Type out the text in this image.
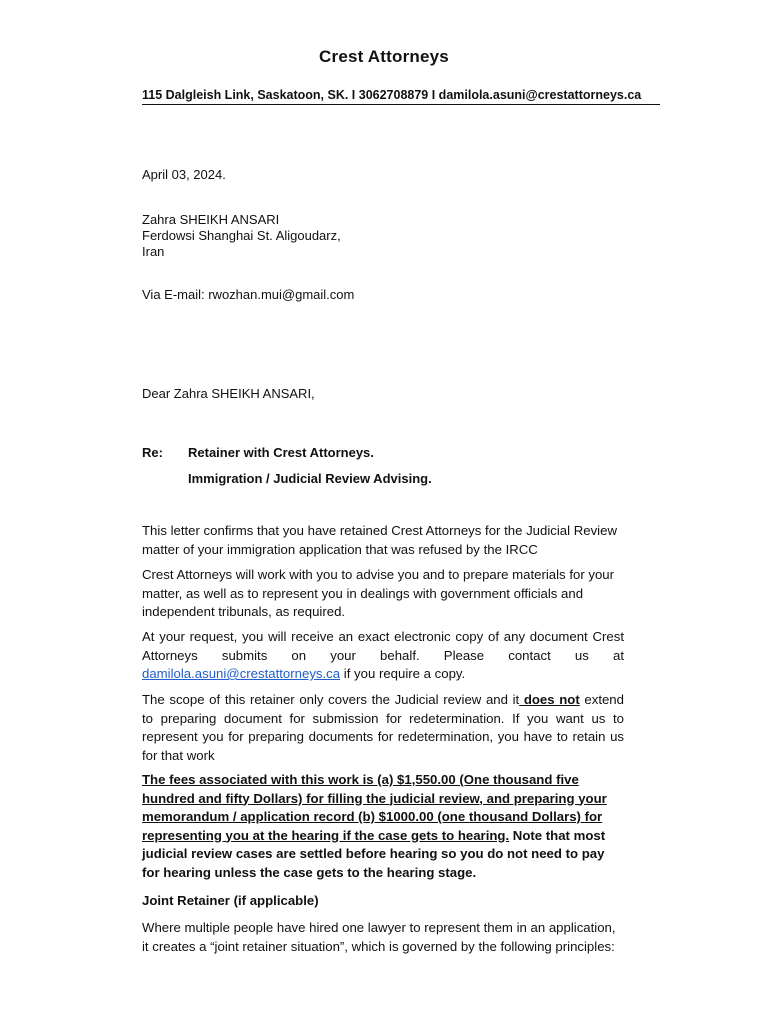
Crest Attorneys
115 Dalgleish Link, Saskatoon, SK. I 3062708879 I damilola.asuni@crestattorneys.ca
April 03, 2024.
Zahra SHEIKH ANSARI
Ferdowsi Shanghai St. Aligoudarz,
Iran
Via E-mail: rwozhan.mui@gmail.com
Dear Zahra SHEIKH ANSARI,
Re: Retainer with Crest Attorneys.
Immigration / Judicial Review Advising.
This letter confirms that you have retained Crest Attorneys for the Judicial Review matter of your immigration application that was refused by the IRCC
Crest Attorneys will work with you to advise you and to prepare materials for your matter, as well as to represent you in dealings with government officials and independent tribunals, as required.
At your request, you will receive an exact electronic copy of any document Crest Attorneys submits on your behalf. Please contact us at damilola.asuni@crestattorneys.ca if you require a copy.
The scope of this retainer only covers the Judicial review and it does not extend to preparing document for submission for redetermination. If you want us to represent you for preparing documents for redetermination, you have to retain us for that work
The fees associated with this work is (a) $1,550.00 (One thousand five hundred and fifty Dollars) for filling the judicial review, and preparing your memorandum / application record (b) $1000.00 (one thousand Dollars) for representing you at the hearing if the case gets to hearing. Note that most judicial review cases are settled before hearing so you do not need to pay for hearing unless the case gets to the hearing stage.
Joint Retainer (if applicable)
Where multiple people have hired one lawyer to represent them in an application, it creates a “joint retainer situation”, which is governed by the following principles:
